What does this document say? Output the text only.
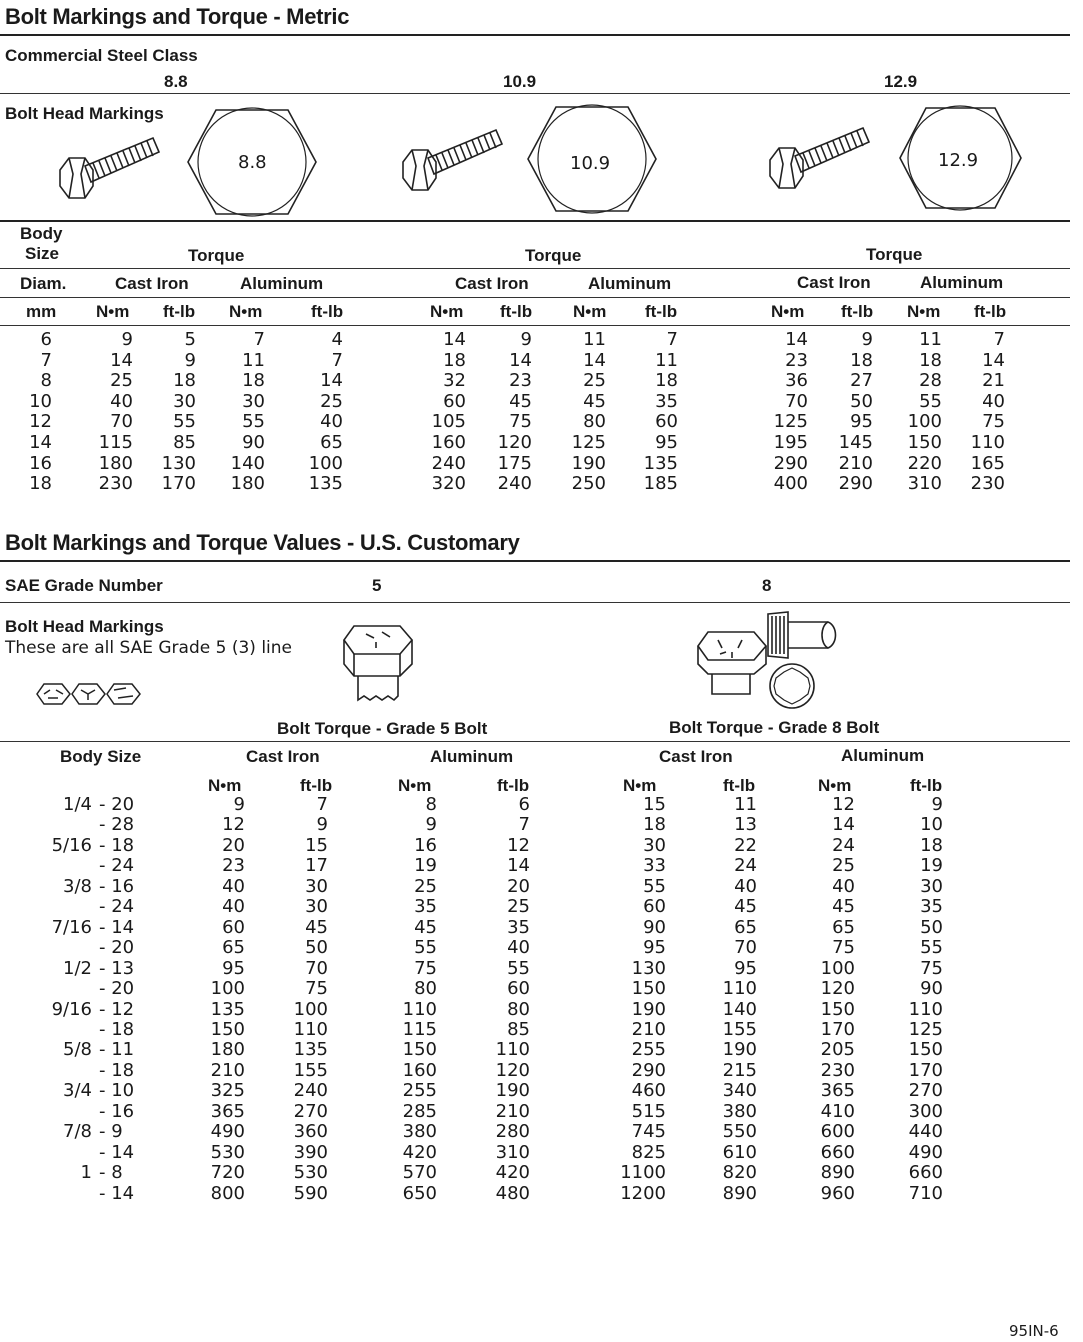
Bolt Markings and Torque - Metric
Commercial Steel Class
8.8	10.9	12.9
Bolt Head Markings
8.8	10.9	12.9
Body
Size	Torque	Torque	Torque
Diam.	Cast Iron	Aluminum	Cast Iron	Aluminum	Cast Iron	Aluminum
mm N•m ft-lb N•m	ft-lb	N•m ft-lb N•m ft-lb	N•m ft-lb N•m ft-lb
6	9	5	7	4	14	9	11	7	14	9	11	7
7	14	9	11	7	18	14	14	11	23	18	18	14
8	25	18	18	14	32	23	25	18	36	27	28	21
10	40	30	30	25	60	45	45	35	70	50	55	40
12	70	55	55	40	105	75	80	60	125	95	100	75
14	115	85	90	65	160	120	125	95	195	145	150	110
16	180	130	140	100	240	175	190	135	290	210	220	165
18	230	170	180	135	320	240	250	185	400	290	310	230
Bolt Markings and Torque Values - U.S. Customary
SAE Grade Number	5	8
Bolt Head Markings
These are all SAE Grade 5 (3) line
Bolt Torque - Grade 5 Bolt	Bolt Torque - Grade 8 Bolt
Body Size	Cast Iron	Aluminum	Cast Iron	Aluminum
N•m	ft-lb	N•m	ft-lb	N•m	ft-lb	N•m	ft-lb
1/4 - 20	9	7	8	6	15	11	12	9
- 28	12	9	9	7	18	13	14	10
5/16 - 18	20	15	16	12	30	22	24	18
- 24	23	17	19	14	33	24	25	19
3/8 - 16	40	30	25	20	55	40	40	30
- 24	40	30	35	25	60	45	45	35
7/16 - 14	60	45	45	35	90	65	65	50
- 20	65	50	55	40	95	70	75	55
1/2 - 13	95	70	75	55	130	95	100	75
- 20	100	75	80	60	150	110	120	90
9/16 - 12	135	100	110	80	190	140	150	110
- 18	150	110	115	85	210	155	170	125
5/8 - 11	180	135	150	110	255	190	205	150
- 18	210	155	160	120	290	215	230	170
3/4 - 10	325	240	255	190	460	340	365	270
- 16	365	270	285	210	515	380	410	300
7/8 - 9	490	360	380	280	745	550	600	440
- 14	530	390	420	310	825	610	660	490
1 - 8	720	530	570	420	1100	820	890	660
- 14	800	590	650	480	1200	890	960	710
95IN-6
